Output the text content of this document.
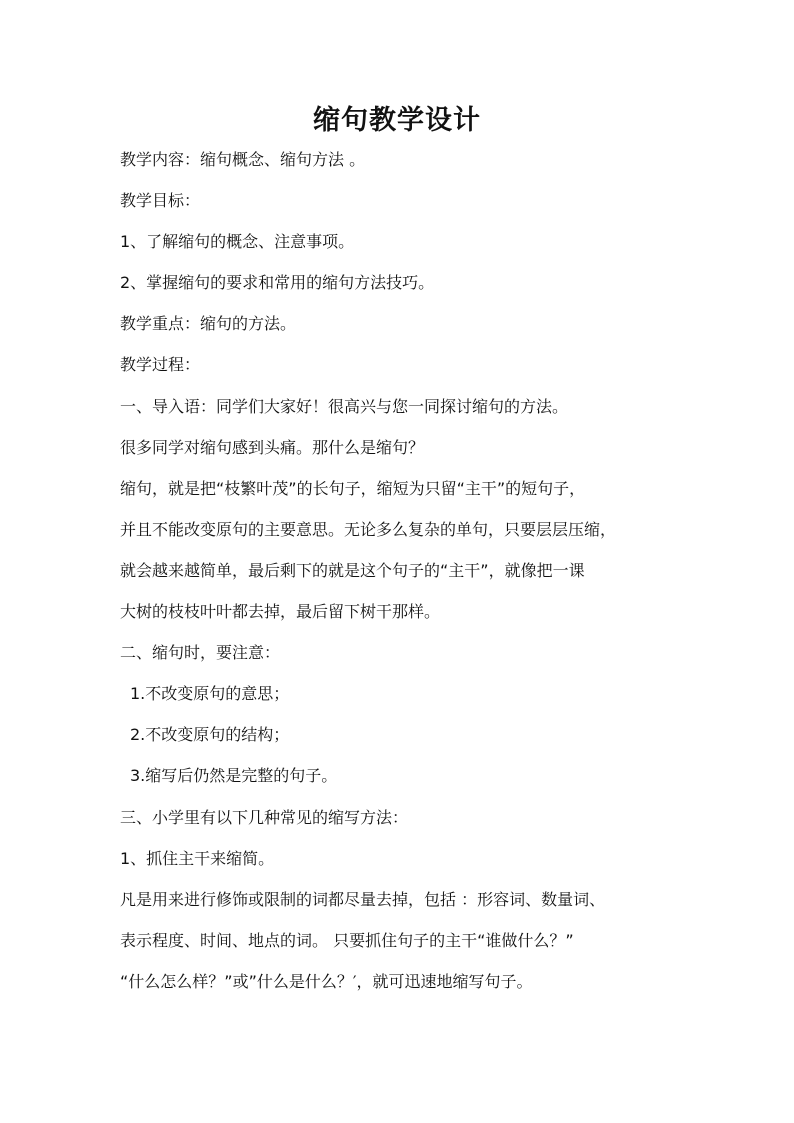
缩句教学设计

教学内容：缩句概念、缩句方法 。

教学目标：

1、了解缩句的概念、注意事项。

2、掌握缩句的要求和常用的缩句方法技巧。

教学重点：缩句的方法。

教学过程：

一、导入语：同学们大家好！很高兴与您一同探讨缩句的方法。

很多同学对缩句感到头痛。那什么是缩句？

缩句，就是把“枝繁叶茂”的长句子，缩短为只留“主干”的短句子，

并且不能改变原句的主要意思。无论多么复杂的单句，只要层层压缩，

就会越来越简单，最后剩下的就是这个句子的“主干”，就像把一课

大树的枝枝叶叶都去掉，最后留下树干那样。

二、缩句时，要注意：

1.不改变原句的意思；

2.不改变原句的结构；

3.缩写后仍然是完整的句子。

三、小学里有以下几种常见的缩写方法：

1、抓住主干来缩简。

凡是用来进行修饰或限制的词都尽量去掉，包括 ：形容词、数量词、

表示程度、时间、地点的词。 只要抓住句子的主干“谁做什么？”

“什么怎么样？”或”什么是什么？′，就可迅速地缩写句子。
